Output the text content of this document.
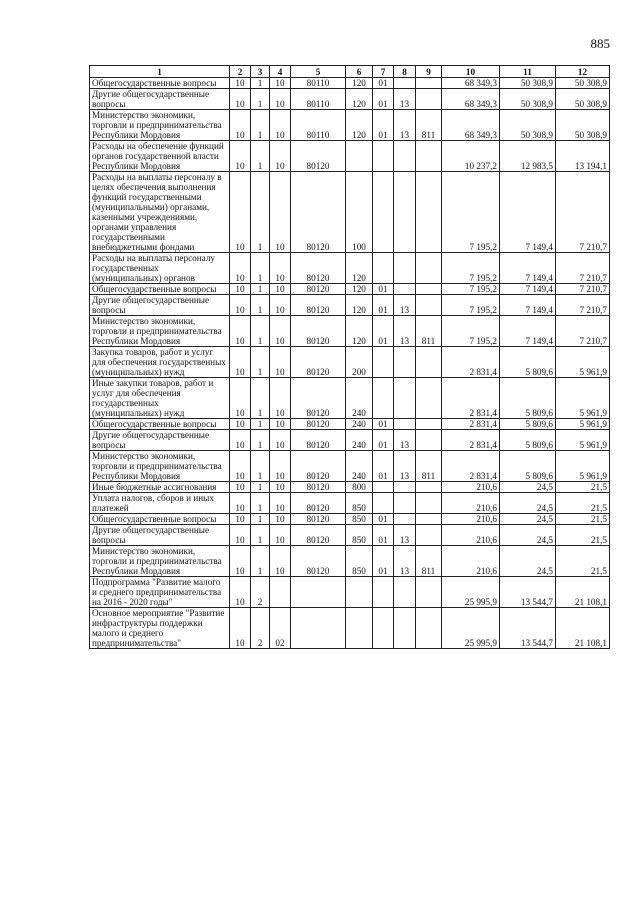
885
1	2	3	4	5	6	7	8	9	10	11	12
Общегосударственные вопросы	10	1	10	80110	120	01			68 349,3	50 308,9	50 308,9
Другие общегосударственные вопросы	10	1	10	80110	120	01	13		68 349,3	50 308,9	50 308,9
Министерство экономики, торговли и предпринимательства Республики Мордовия	10	1	10	80110	120	01	13	811	68 349,3	50 308,9	50 308,9
Расходы на обеспечение функций органов государственной власти Республики Мордовия	10	1	10	80120					10 237,2	12 983,5	13 194,1
Расходы на выплаты персоналу в целях обеспечения выполнения функций государственными (муниципальными) органами, казенными учреждениями, органами управления государственными внебюджетными фондами	10	1	10	80120	100				7 195,2	7 149,4	7 210,7
Расходы на выплаты персоналу государственных (муниципальных) органов	10	1	10	80120	120				7 195,2	7 149,4	7 210,7
Общегосударственные вопросы	10	1	10	80120	120	01			7 195,2	7 149,4	7 210,7
Другие общегосударственные вопросы	10	1	10	80120	120	01	13		7 195,2	7 149,4	7 210,7
Министерство экономики, торговли и предпринимательства Республики Мордовия	10	1	10	80120	120	01	13	811	7 195,2	7 149,4	7 210,7
Закупка товаров, работ и услуг для обеспечения государственных (муниципальных) нужд	10	1	10	80120	200				2 831,4	5 809,6	5 961,9
Иные закупки товаров, работ и услуг для обеспечения государственных (муниципальных) нужд	10	1	10	80120	240				2 831,4	5 809,6	5 961,9
Общегосударственные вопросы	10	1	10	80120	240	01			2 831,4	5 809,6	5 961,9
Другие общегосударственные вопросы	10	1	10	80120	240	01	13		2 831,4	5 809,6	5 961,9
Министерство экономики, торговли и предпринимательства Республики Мордовия	10	1	10	80120	240	01	13	811	2 831,4	5 809,6	5 961,9
Иные бюджетные ассигнования	10	1	10	80120	800				210,6	24,5	21,5
Уплата налогов, сборов и иных платежей	10	1	10	80120	850				210,6	24,5	21,5
Общегосударственные вопросы	10	1	10	80120	850	01			210,6	24,5	21,5
Другие общегосударственные вопросы	10	1	10	80120	850	01	13		210,6	24,5	21,5
Министерство экономики, торговли и предпринимательства Республики Мордовия	10	1	10	80120	850	01	13	811	210,6	24,5	21,5
Подпрограмма "Развитие малого и среднего предпринимательства на 2016 - 2020 годы"	10	2							25 995,9	13 544,7	21 108,1
Основное мероприятие "Развитие инфраструктуры поддержки малого и среднего предпринимательства"	10	2	02						25 995,9	13 544,7	21 108,1
